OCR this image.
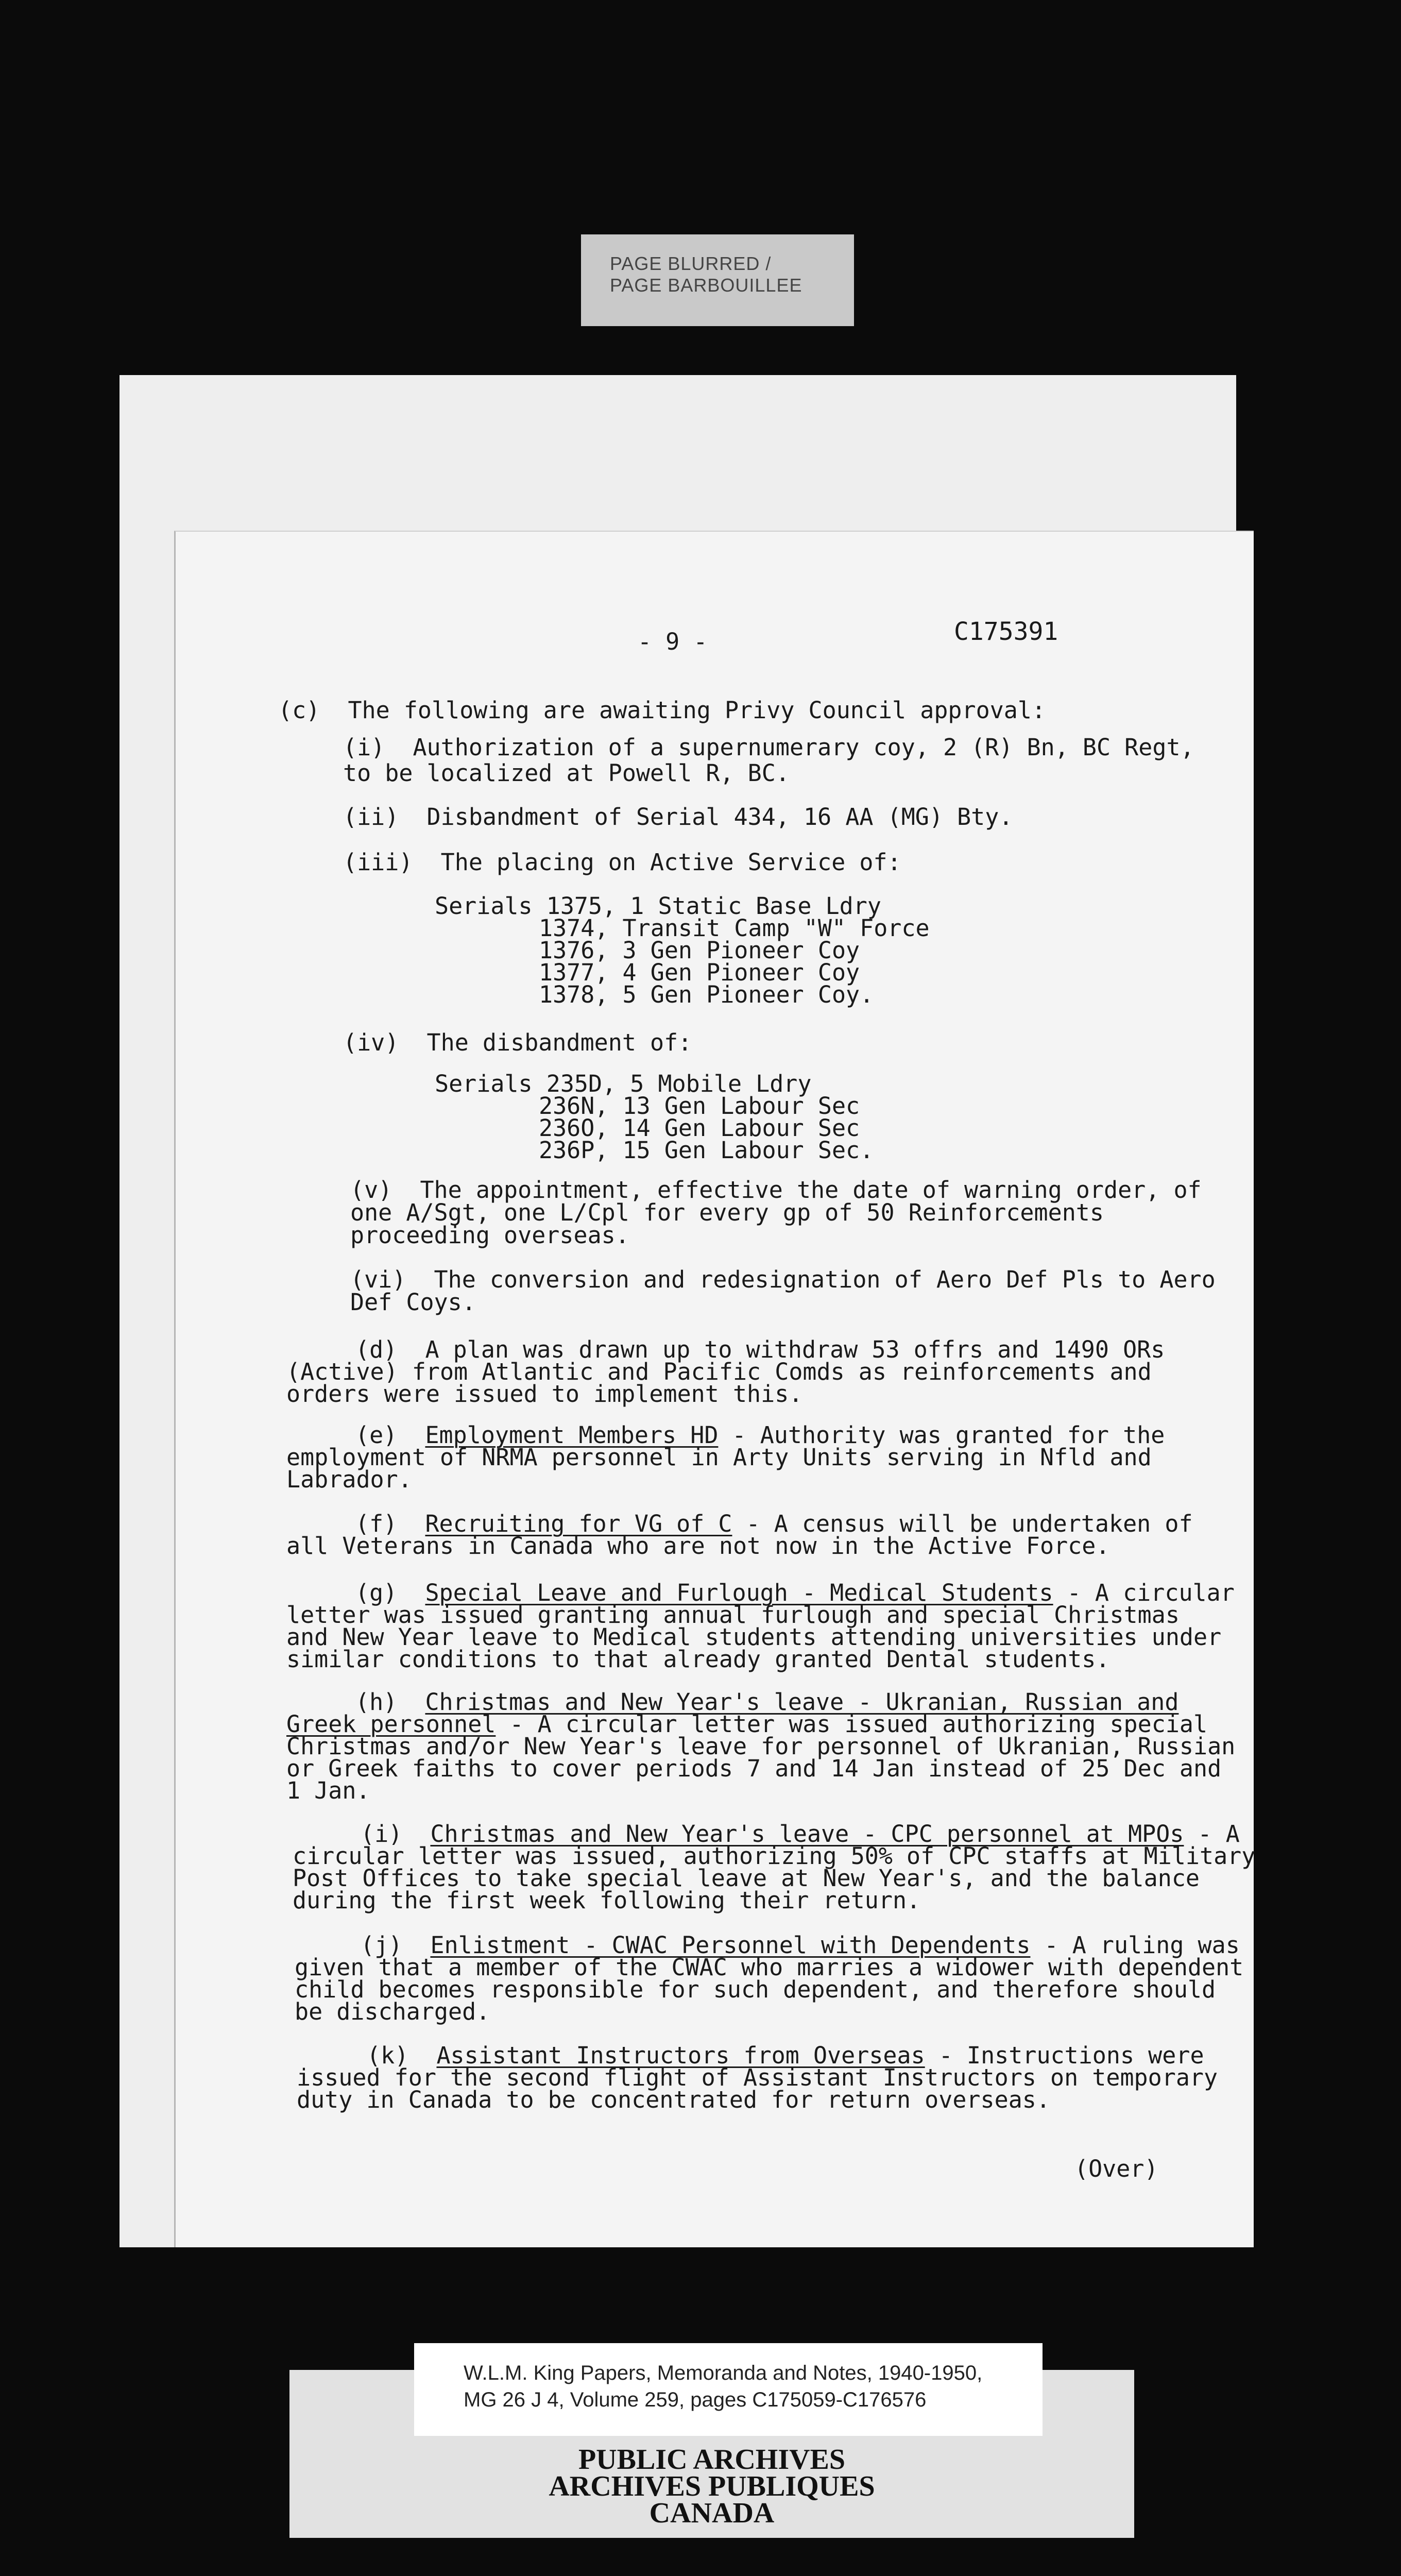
PAGE BLURRED /
PAGE BARBOUILLEE
- 9 -	C175391
(c)  The following are awaiting Privy Council approval:
(i)  Authorization of a supernumerary coy, 2 (R) Bn, BC Regt,
to be localized at Powell R, BC.
(ii)  Disbandment of Serial 434, 16 AA (MG) Bty.
(iii)  The placing on Active Service of:
Serials 1375, 1 Static Base Ldry
1374, Transit Camp "W" Force
1376, 3 Gen Pioneer Coy
1377, 4 Gen Pioneer Coy
1378, 5 Gen Pioneer Coy.
(iv)  The disbandment of:
Serials 235D, 5 Mobile Ldry
236N, 13 Gen Labour Sec
236O, 14 Gen Labour Sec
236P, 15 Gen Labour Sec.
(v)  The appointment, effective the date of warning order, of
one A/Sgt, one L/Cpl for every gp of 50 Reinforcements
proceeding overseas.
(vi)  The conversion and redesignation of Aero Def Pls to Aero
Def Coys.
(d)  A plan was drawn up to withdraw 53 offrs and 1490 ORs
(Active) from Atlantic and Pacific Comds as reinforcements and
orders were issued to implement this.
(e)  Employment Members HD - Authority was granted for the
employment of NRMA personnel in Arty Units serving in Nfld and
Labrador.
(f)  Recruiting for VG of C - A census will be undertaken of
all Veterans in Canada who are not now in the Active Force.
(g)  Special Leave and Furlough - Medical Students - A circular
letter was issued granting annual furlough and special Christmas
and New Year leave to Medical students attending universities under
similar conditions to that already granted Dental students.
(h)  Christmas and New Year's leave - Ukranian, Russian and
Greek personnel - A circular letter was issued authorizing special
Christmas and/or New Year's leave for personnel of Ukranian, Russian
or Greek faiths to cover periods 7 and 14 Jan instead of 25 Dec and
1 Jan.
(i)  Christmas and New Year's leave - CPC personnel at MPOs - A
circular letter was issued, authorizing 50% of CPC staffs at Military
Post Offices to take special leave at New Year's, and the balance
during the first week following their return.
(j)  Enlistment - CWAC Personnel with Dependents - A ruling was
given that a member of the CWAC who marries a widower with dependent
child becomes responsible for such dependent, and therefore should
be discharged.
(k)  Assistant Instructors from Overseas - Instructions were
issued for the second flight of Assistant Instructors on temporary
duty in Canada to be concentrated for return overseas.
(Over)
W.L.M. King Papers, Memoranda and Notes, 1940-1950,
MG 26 J 4, Volume 259, pages C175059-C176576
PUBLIC ARCHIVES
ARCHIVES PUBLIQUES
CANADA
